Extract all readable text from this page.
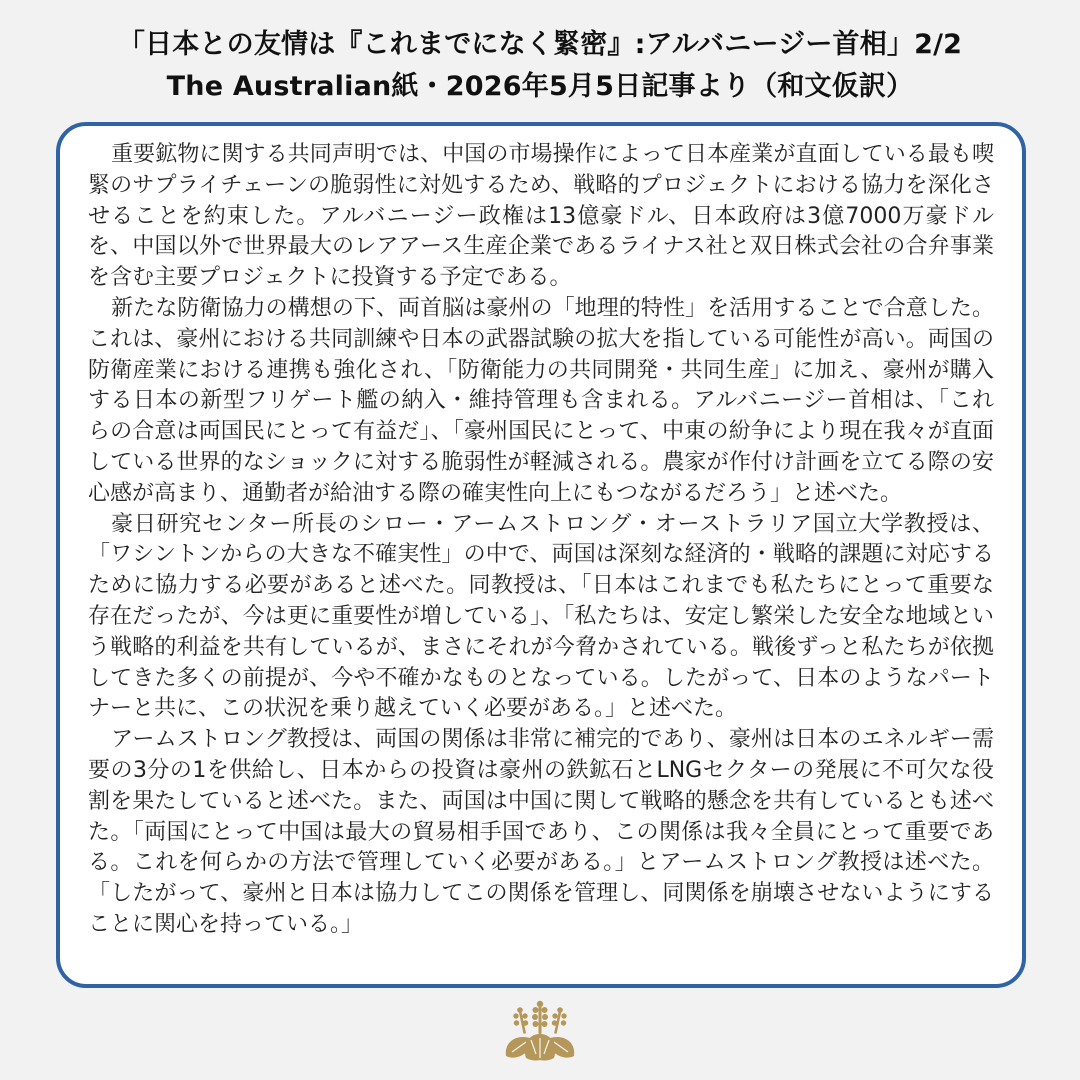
「日本との友情は『これまでになく緊密』:アルバニージー首相」2/2
The Australian紙・2026年5月5日記事より（和文仮訳）

重要鉱物に関する共同声明では、中国の市場操作によって日本産業が直面している最も喫緊のサプライチェーンの脆弱性に対処するため、戦略的プロジェクトにおける協力を深化させることを約束した。アルバニージー政権は13億豪ドル、日本政府は3億7000万豪ドルを、中国以外で世界最大のレアアース生産企業であるライナス社と双日株式会社の合弁事業を含む主要プロジェクトに投資する予定である。

新たな防衛協力の構想の下、両首脳は豪州の「地理的特性」を活用することで合意した。これは、豪州における共同訓練や日本の武器試験の拡大を指している可能性が高い。両国の防衛産業における連携も強化され、「防衛能力の共同開発・共同生産」に加え、豪州が購入する日本の新型フリゲート艦の納入・維持管理も含まれる。アルバニージー首相は、「これらの合意は両国民にとって有益だ」、「豪州国民にとって、中東の紛争により現在我々が直面している世界的なショックに対する脆弱性が軽減される。農家が作付け計画を立てる際の安心感が高まり、通勤者が給油する際の確実性向上にもつながるだろう」と述べた。

豪日研究センター所長のシロー・アームストロング・オーストラリア国立大学教授は、「ワシントンからの大きな不確実性」の中で、両国は深刻な経済的・戦略的課題に対応するために協力する必要があると述べた。同教授は、「日本はこれまでも私たちにとって重要な存在だったが、今は更に重要性が増している」、「私たちは、安定し繁栄した安全な地域という戦略的利益を共有しているが、まさにそれが今脅かされている。戦後ずっと私たちが依拠してきた多くの前提が、今や不確かなものとなっている。したがって、日本のようなパートナーと共に、この状況を乗り越えていく必要がある。」と述べた。

アームストロング教授は、両国の関係は非常に補完的であり、豪州は日本のエネルギー需要の3分の1を供給し、日本からの投資は豪州の鉄鉱石とLNGセクターの発展に不可欠な役割を果たしていると述べた。また、両国は中国に関して戦略的懸念を共有しているとも述べた。「両国にとって中国は最大の貿易相手国であり、この関係は我々全員にとって重要である。これを何らかの方法で管理していく必要がある。」とアームストロング教授は述べた。「したがって、豪州と日本は協力してこの関係を管理し、同関係を崩壊させないようにすることに関心を持っている。」
